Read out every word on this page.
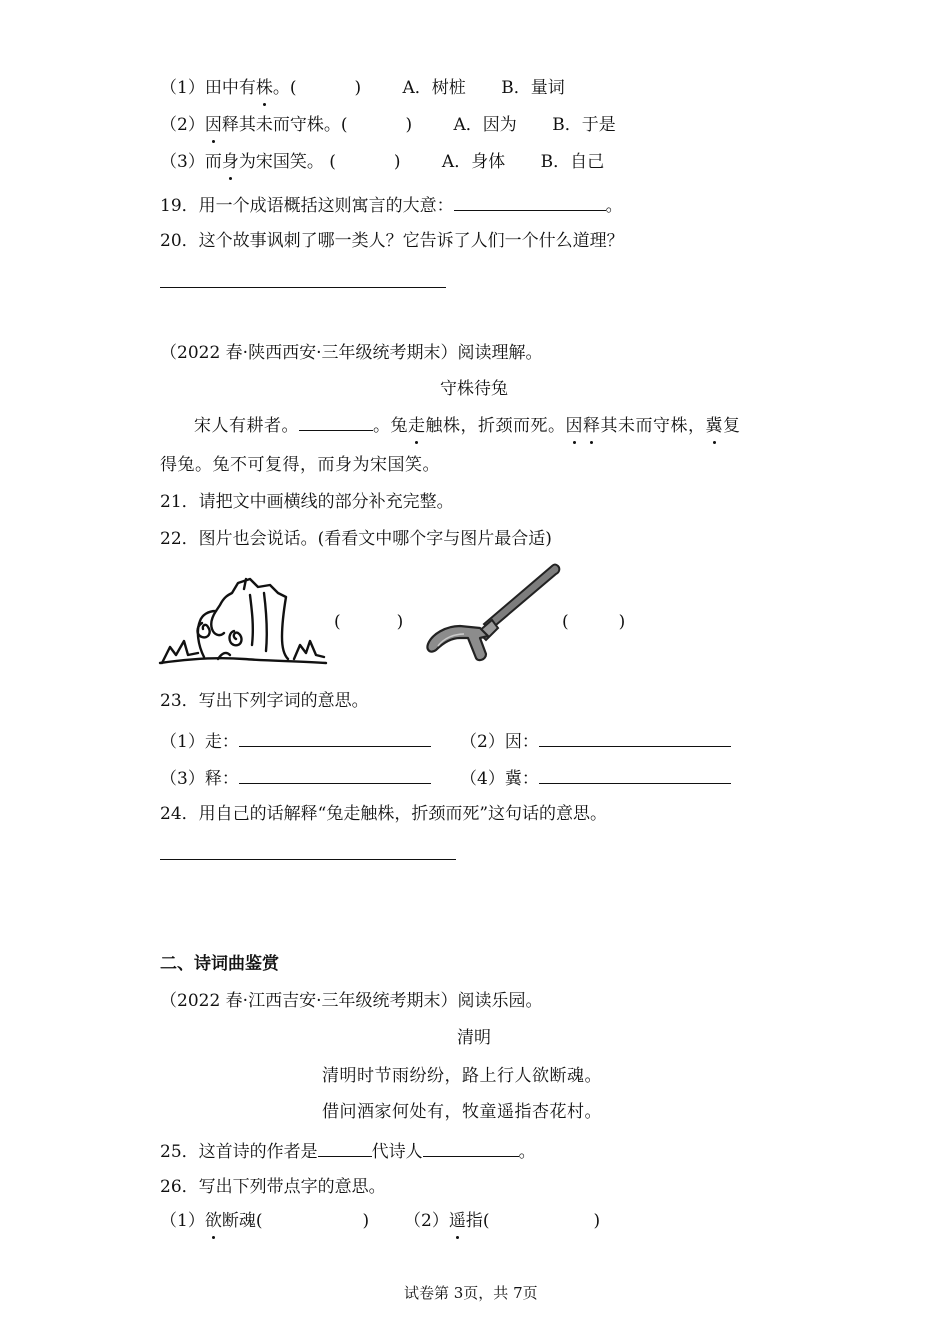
（1）田中有株。(	) A．树桩 B．量词
（2）因释其未而守株。(	) A．因为 B．于是
（3）而身为宋国笑。 (	) A．身体 B．自己
19．用一个成语概括这则寓言的大意：	。
20．这个故事讽刺了哪一类人？它告诉了人们一个什么道理？
（2022 春·陕西西安·三年级统考期末）阅读理解。
守株待兔
宋人有耕者。	。兔走触株，折颈而死。因释其未而守株，冀复
得兔。兔不可复得，而身为宋国笑。
21．请把文中画横线的部分补充完整。
22．图片也会说话。(看看文中哪个字与图片最合适)
(	)	(	)
23．写出下列字词的意思。
（1）走：	（2）因：
（3）释：	（4）冀：
24．用自己的话解释“兔走触株，折颈而死”这句话的意思。
二、诗词曲鉴赏
（2022 春·江西吉安·三年级统考期末）阅读乐园。
清明
清明时节雨纷纷，路上行人欲断魂。
借问酒家何处有，牧童遥指杏花村。
25．这首诗的作者是	代诗人	。
26．写出下列带点字的意思。
（1）欲断魂(	) （2）遥指(	)
试卷第 3页，共 7页
